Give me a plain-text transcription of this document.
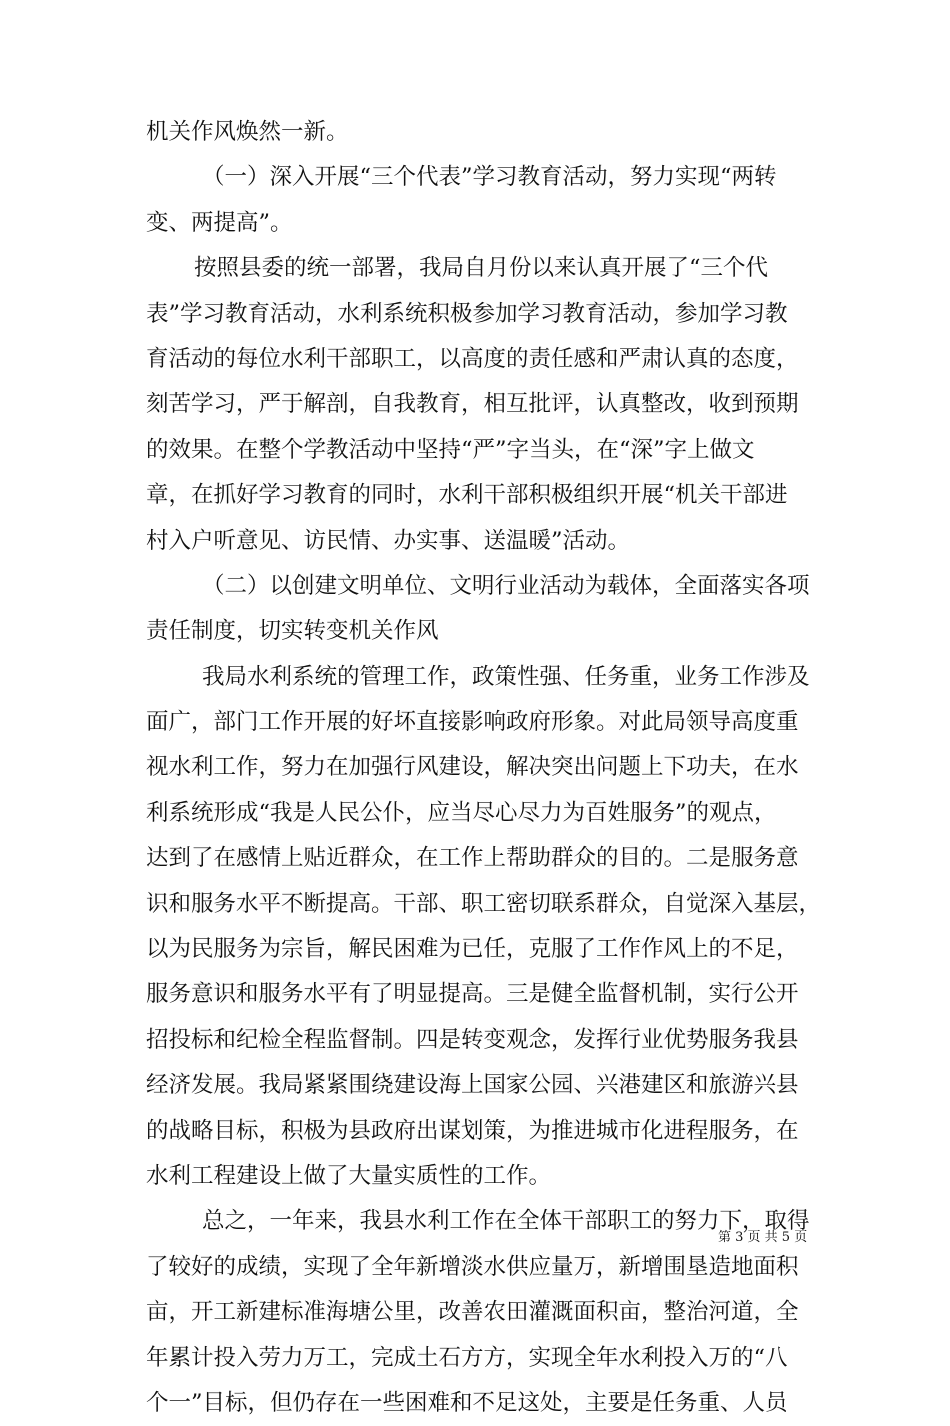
机关作风焕然一新。
（一）深入开展“三个代表”学习教育活动，努力实现“两转
变、两提高”。
按照县委的统一部署，我局自月份以来认真开展了“三个代
表”学习教育活动，水利系统积极参加学习教育活动，参加学习教
育活动的每位水利干部职工，以高度的责任感和严肃认真的态度，
刻苦学习，严于解剖，自我教育，相互批评，认真整改，收到预期
的效果。在整个学教活动中坚持“严”字当头，在“深”字上做文
章，在抓好学习教育的同时，水利干部积极组织开展“机关干部进
村入户听意见、访民情、办实事、送温暖”活动。
（二）以创建文明单位、文明行业活动为载体，全面落实各项
责任制度，切实转变机关作风
我局水利系统的管理工作，政策性强、任务重，业务工作涉及
面广，部门工作开展的好坏直接影响政府形象。对此局领导高度重
视水利工作，努力在加强行风建设，解决突出问题上下功夫，在水
利系统形成“我是人民公仆，应当尽心尽力为百姓服务”的观点，
达到了在感情上贴近群众，在工作上帮助群众的目的。二是服务意
识和服务水平不断提高。干部、职工密切联系群众，自觉深入基层，
以为民服务为宗旨，解民困难为已任，克服了工作作风上的不足，
服务意识和服务水平有了明显提高。三是健全监督机制，实行公开
招投标和纪检全程监督制。四是转变观念，发挥行业优势服务我县
经济发展。我局紧紧围绕建设海上国家公园、兴港建区和旅游兴县
的战略目标，积极为县政府出谋划策，为推进城市化进程服务，在
水利工程建设上做了大量实质性的工作。
总之，一年来，我县水利工作在全体干部职工的努力下，取得
了较好的成绩，实现了全年新增淡水供应量万，新增围垦造地面积
亩，开工新建标准海塘公里，改善农田灌溉面积亩，整治河道，全
年累计投入劳力万工，完成土石方方，实现全年水利投入万的“八
个一”目标，但仍存在一些困难和不足这处，主要是任务重、人员
第 3 页 共 5 页
